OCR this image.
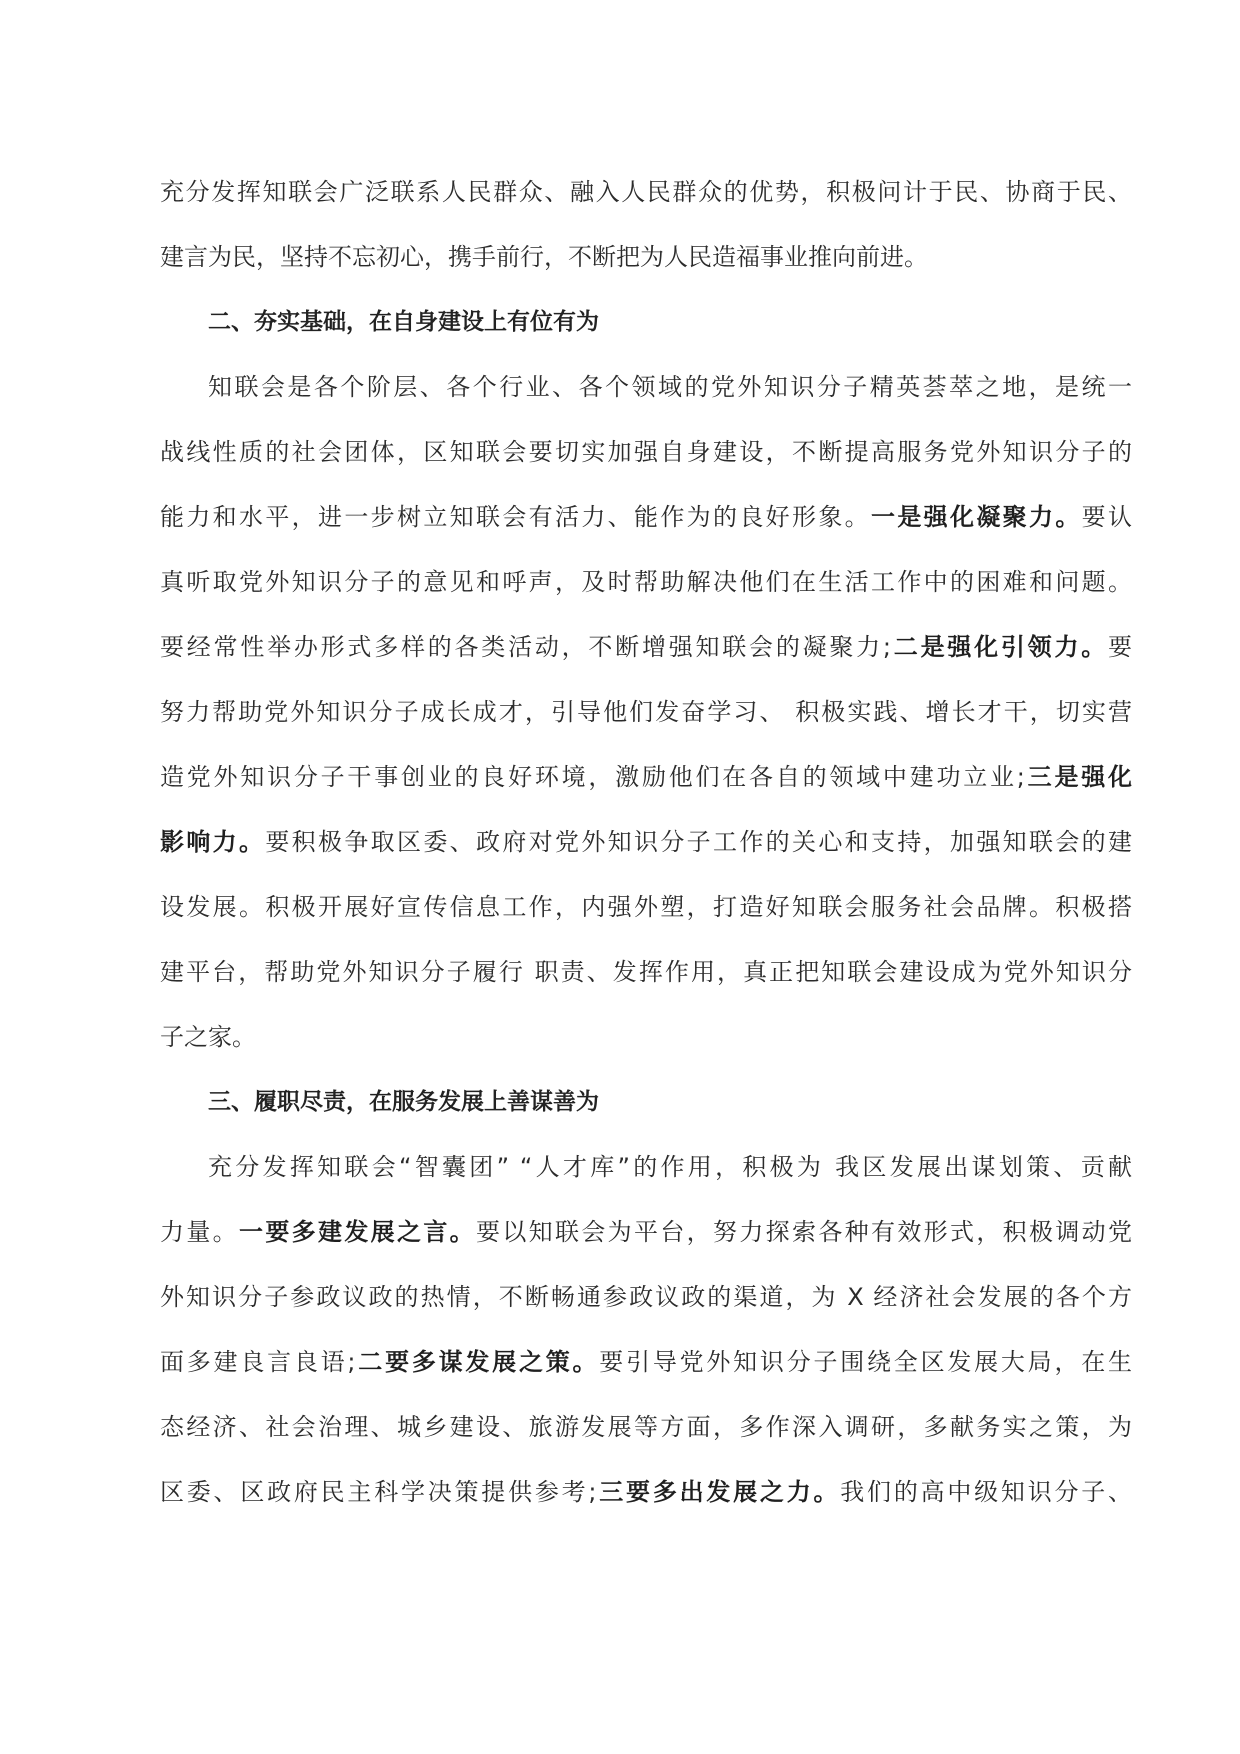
充分发挥知联会广泛联系人民群众、融入人民群众的优势，积极问计于民、协商于民、
建言为民，坚持不忘初心，携手前行，不断把为人民造福事业推向前进。
二、夯实基础，在自身建设上有位有为
知联会是各个阶层、各个行业、各个领域的党外知识分子精英荟萃之地，是统一
战线性质的社会团体，区知联会要切实加强自身建设，不断提高服务党外知识分子的
能力和水平，进一步树立知联会有活力、能作为的良好形象。一是强化凝聚力。要认
真听取党外知识分子的意见和呼声，及时帮助解决他们在生活工作中的困难和问题。
要经常性举办形式多样的各类活动，不断增强知联会的凝聚力;二是强化引领力。要
努力帮助党外知识分子成长成才，引导他们发奋学习、 积极实践、增长才干，切实营
造党外知识分子干事创业的良好环境，激励他们在各自的领域中建功立业;三是强化
影响力。要积极争取区委、政府对党外知识分子工作的关心和支持，加强知联会的建
设发展。积极开展好宣传信息工作，内强外塑，打造好知联会服务社会品牌。积极搭
建平台，帮助党外知识分子履行 职责、发挥作用，真正把知联会建设成为党外知识分
子之家。
三、履职尽责，在服务发展上善谋善为
充分发挥知联会“智囊团” “人才库”的作用，积极为 我区发展出谋划策、贡献
力量。一要多建发展之言。要以知联会为平台，努力探索各种有效形式，积极调动党
外知识分子参政议政的热情，不断畅通参政议政的渠道，为 X 经济社会发展的各个方
面多建良言良语;二要多谋发展之策。要引导党外知识分子围绕全区发展大局，在生
态经济、社会治理、城乡建设、旅游发展等方面，多作深入调研，多献务实之策，为
区委、区政府民主科学决策提供参考;三要多出发展之力。我们的高中级知识分子、
